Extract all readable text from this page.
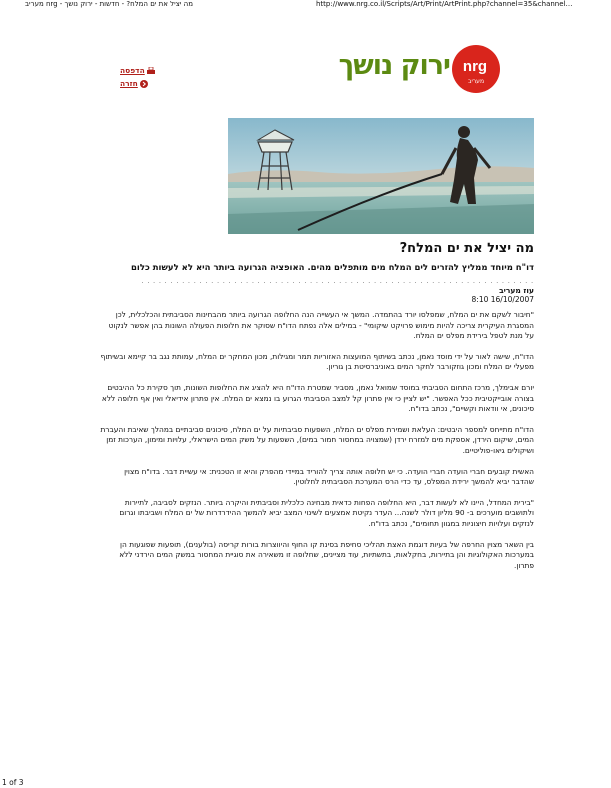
מה יציל את ים המלח? - חדשות - ירוק נושך - nrg מעריב	http://www.nrg.co.il/Scripts/Art/Print/ArtPrint.php?channel=35&channel…
ירוק נושך nrg
מעריב
הדפסה
חזרה
מה יציל את ים המלח?
דו"ח מיוחד ממליץ להזרים לים המלח מים מותפלים מהים. האופציה הגרועה ביותר היא לא לעשות כלום
. . . . . . . . . . . . . . . . . . . . . . . . . . . . . . . . . . . . . . . . . . . . . . . . . . . . . . . . . . . . . . . . . . . .
עוז מעריב
16/10/2007 8:10

"חיבור לשקם את ים המלח, שמפלסו יורד בהתמדה. המשך אי העשייה הנה החלופה הגרועה ביותר מהבחינות הסביבתית והכלכלית, לכן המסגרת העיקרית צריכה להיות מימוש פרויקט שיקומי" - במילים אלה נפתח הדו"ח שסוקר את חלופות הפעולה השונות בהן אפשר לנקוט על מנת לטפל בירידת מפלס ים המלח.

הדו"ח, שישה לאור על ידי מוסד נאמן, נכתב בשיתוף המועצות האזוריות תמר ומגילות, מכון המחקר ים המלח, עמותת נגב בר קיימא ובשיתוף מפעלי ים המלח ומכון גוזקורבר לחקר המים באוניברסיטת בן גוריון.

יורם אבימלך, מרכז התחום הסביבתי במוסד שמואל נאמן, מסביר שמטרת הדו"ח היא להציג את החלופות השונות, תוך סקירת כל ההיבטים בצורה אובייקטיבית ככל האפשר. "יש לציין כי אין פתרון קל למצב הסביבתי הגרוע בו נמצא ים המלח. אין פתרון אידיאלי ואין אף חלופה ללא סיכונים, אי וודאות וקשיים", נכתב בדו"ח.

הדו"ח מתייחס למספר היבטים: העלאת ושמירת מפלס ים המלח, השפעות סביבתיות על ים המלח, סיכונים סביבתיים במהלך שאיבת והעברת המים, שיקום הירדן, אספקת מים למזרח ירדן (שמצויה במחסור חמור במים), השפעות על משק המים הישראלי, עלויות ומימון, הערכות זמן ושיקולים גיאו-פוליטיים.

האשית קובעים חברי הועדה חברי הועדה. כי יש חלופה אותה צריך להוריד במיידי מהפרק והיא זו הטכנית: אי עשיית דבר. בדו"ח מצוין שהדבר יביא להמשך ירידת המפלס, עד כדי הרס המערכת הסביבתית לחלוטין.

"בירית המחדל, היינו לא לעשות דבר, היא החלופה הפחות כדאית מבחינה כלכלית וסביבתית והיקרה ביותר. הנזקים לסביבה, לתיירות ולתושבים מוערכים ב- 90 מליון דולר לשנה... העדר נקיטת אמצעים לשינוי המצב יביא להמשך ההידרדרות של ים המלח ושביבתו וגרום לנזקים ועלויות חיצוניות במגוון תחומים", נכתב בדו"ח.

בין השאר מצוין החרפה של בעיות דוגמת האצת תהליכי סחיפת בסינת קו החוף והיווצרות בורות קריסה (בולענים), תופעות שפוגעות הן במערכות האקולוגיות והן בתיירות, בחקלאות, בתשתיות, עוד מציינים, שחלופה זו משאירה את סוגיית המחסור במשק המים הירדני ללא פתרון.

1 of 3
